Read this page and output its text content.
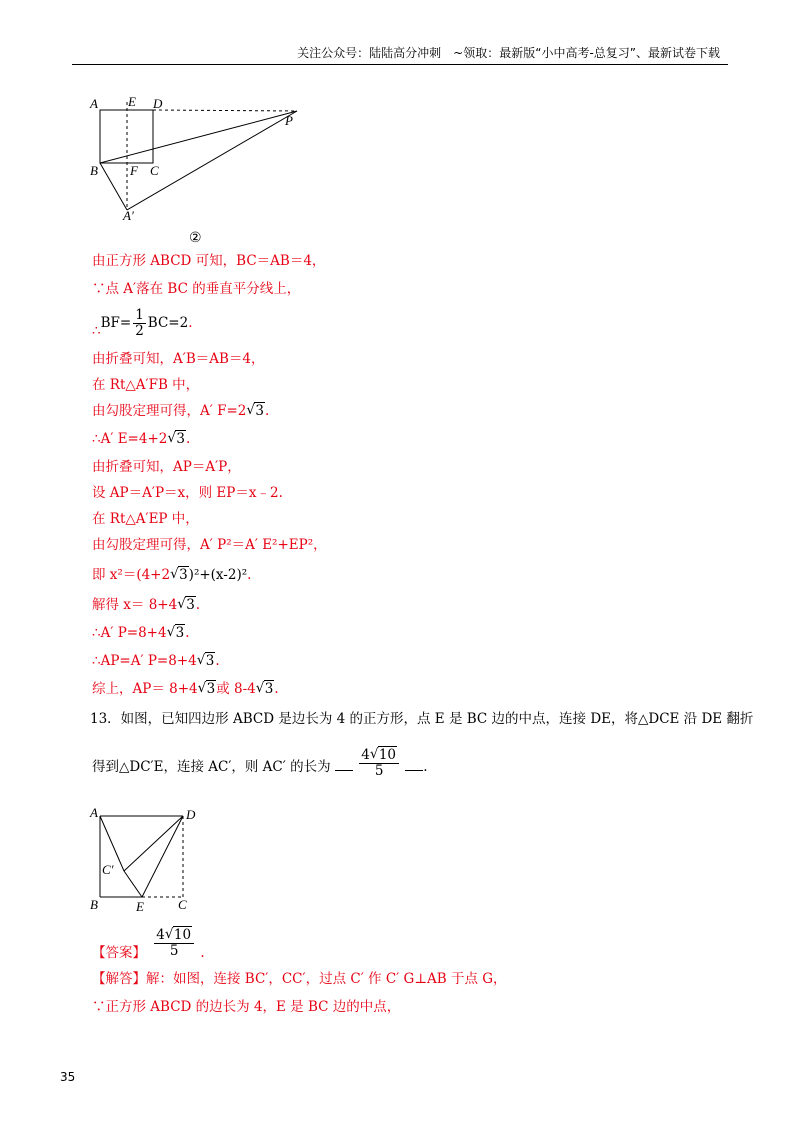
关注公众号：陆陆高分冲刺　~领取：最新版“小中高考-总复习”、最新试卷下载
A E D
P
B F C
A′
②
由正方形 ABCD 可知，BC＝AB＝4，
∵点 A′落在 BC 的垂直平分线上，
∴BF= $\frac{1}{2} BC=2$.
由折叠可知，A′B＝AB＝4，
在 Rt△A′FB 中，
由勾股定理可得，A′ F=2 √ 3.
∴A′ E=4+2 √ 3.
由折叠可知，AP＝A′P，
设 AP＝A′P＝x，则 EP＝x﹣2.
在 Rt△A′EP 中，
由勾股定理可得，A′ P²＝A′ E²+EP²，
即 x²＝(4+2 √ 3)²+(x-2)².
解得 x＝ 8+4 √ 3.
∴A′ P=8+4 √ 3.
∴AP=A′ P=8+4 √ 3.
综上，AP＝ 8+4 √ 3或 8-4 √ 3.
13．如图，已知四边形 ABCD 是边长为 4 的正方形，点 E 是 BC 边的中点，连接 DE，将△DCE 沿 DE 翻折
得到△DC′E，连接 AC′，则 AC′ 的长为 $\frac{4 √ 10}{5}$ .
A	D
C′
B	E	C
【答案】 $\frac{4 √ 10}{5}$ .
【解答】解：如图，连接 BC′，CC′，过点 C′ 作 C′ G⊥AB 于点 G，
∵正方形 ABCD 的边长为 4，E 是 BC 边的中点，
35
